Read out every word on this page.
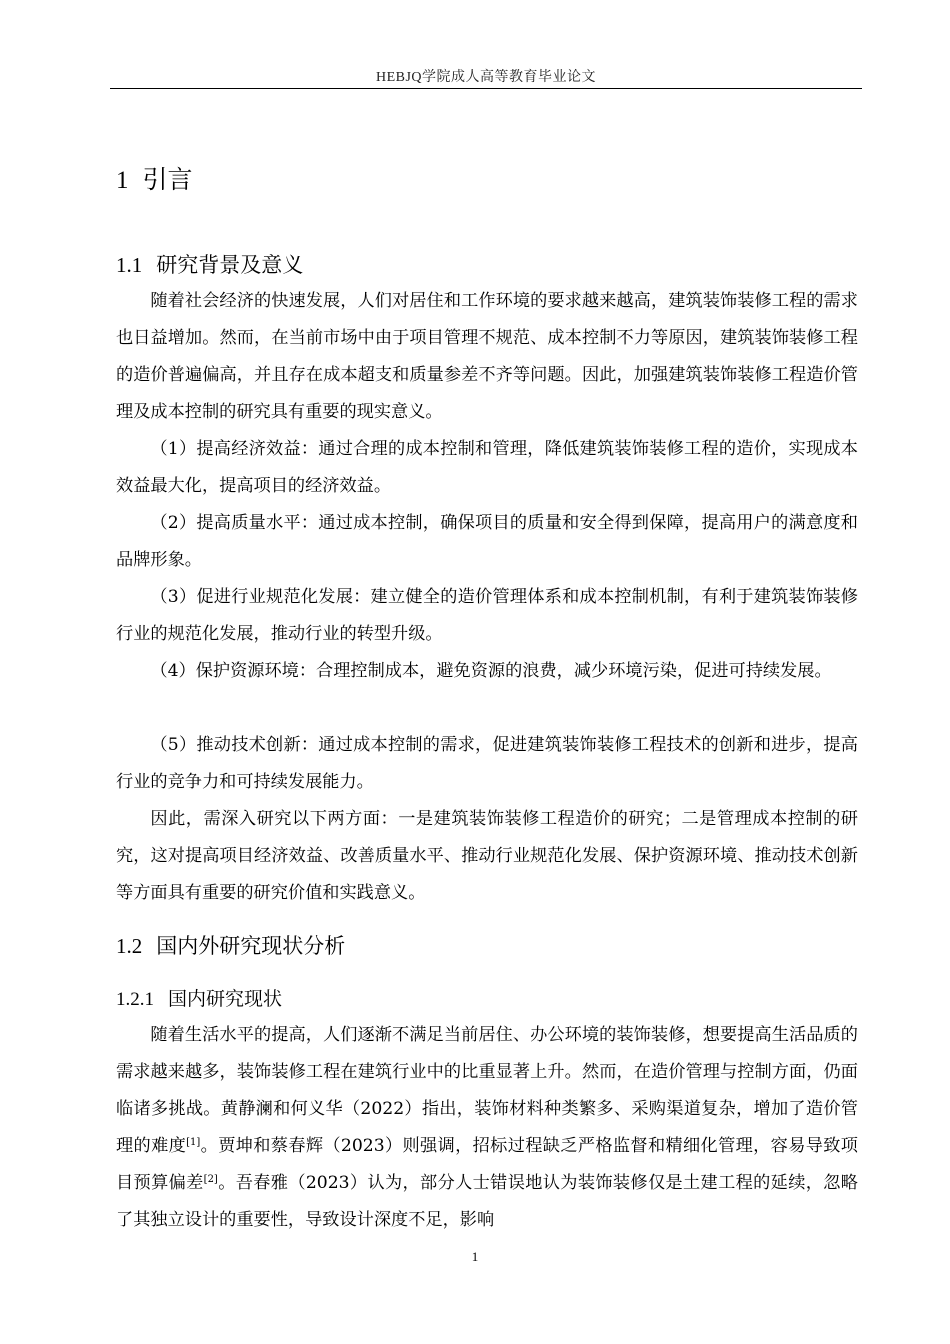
HEBJQ学院成人高等教育毕业论文
1 引言
1.1 研究背景及意义

随着社会经济的快速发展，人们对居住和工作环境的要求越来越高，建筑装饰装修工程的需求也日益增加。然而，在当前市场中由于项目管理不规范、成本控制不力等原因，建筑装饰装修工程的造价普遍偏高，并且存在成本超支和质量参差不齐等问题。因此，加强建筑装饰装修工程造价管理及成本控制的研究具有重要的现实意义。

（1）提高经济效益：通过合理的成本控制和管理，降低建筑装饰装修工程的造价，实现成本效益最大化，提高项目的经济效益。

（2）提高质量水平：通过成本控制，确保项目的质量和安全得到保障，提高用户的满意度和品牌形象。

（3）促进行业规范化发展：建立健全的造价管理体系和成本控制机制，有利于建筑装饰装修行业的规范化发展，推动行业的转型升级。

（4）保护资源环境：合理控制成本，避免资源的浪费，减少环境污染，促进可持续发展。

（5）推动技术创新：通过成本控制的需求，促进建筑装饰装修工程技术的创新和进步，提高行业的竞争力和可持续发展能力。

因此，需深入研究以下两方面：一是建筑装饰装修工程造价的研究；二是管理成本控制的研究，这对提高项目经济效益、改善质量水平、推动行业规范化发展、保护资源环境、推动技术创新等方面具有重要的研究价值和实践意义。

1.2 国内外研究现状分析
1.2.1 国内研究现状

随着生活水平的提高，人们逐渐不满足当前居住、办公环境的装饰装修，想要提高生活品质的需求越来越多，装饰装修工程在建筑行业中的比重显著上升。然而，在造价管理与控制方面，仍面临诸多挑战。黄静澜和何义华（2022）指出，装饰材料种类繁多、采购渠道复杂，增加了造价管理的难度[1]。贾坤和蔡春辉（2023）则强调，招标过程缺乏严格监督和精细化管理，容易导致项目预算偏差[2]。吾春雅（2023）认为，部分人士错误地认为装饰装修仅是土建工程的延续，忽略了其独立设计的重要性，导致设计深度不足，影响

1
